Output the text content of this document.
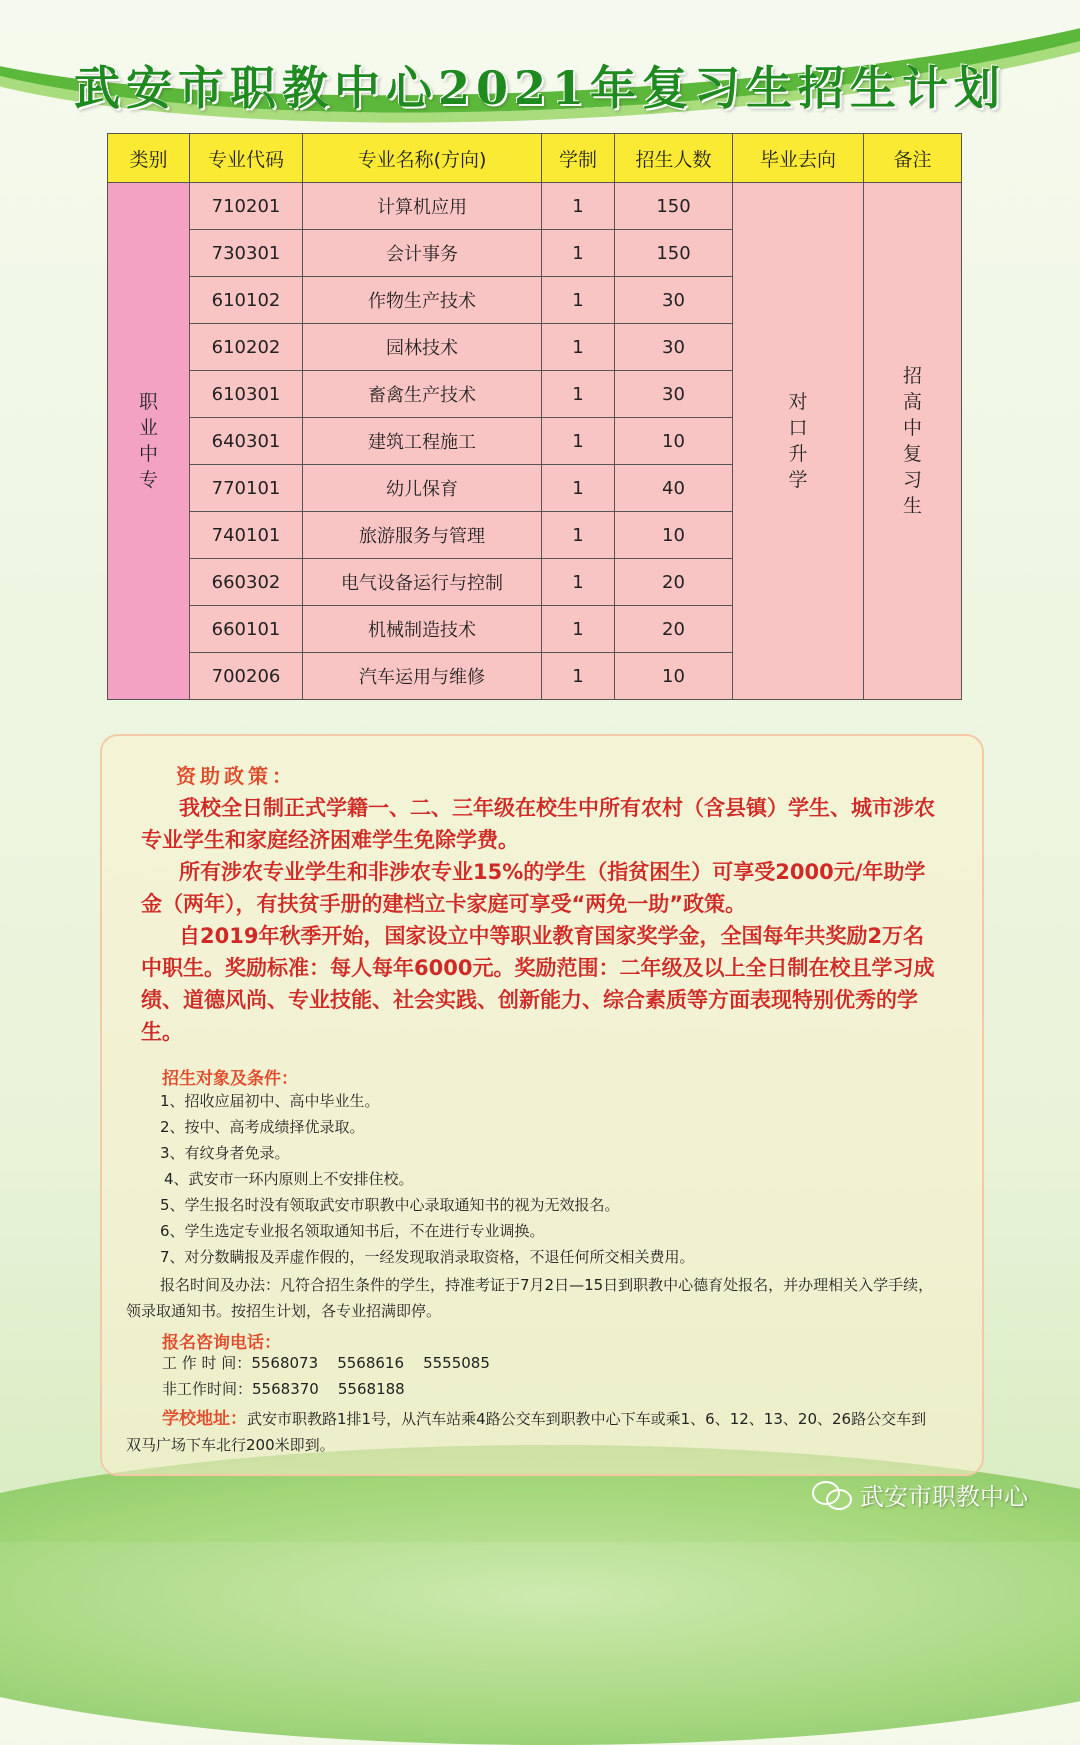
武安市职教中心2021年复习生招生计划
类别	专业代码	专业名称(方向)	学制	招生人数	毕业去向	备注

职业中专	710201	计算机应用	1	150	对口升学	招高中复习生

	730301	会计事务	1	150		
	610102	作物生产技术	1	30		
	610202	园林技术	1	30		
	610301	畜禽生产技术	1	30		
	640301	建筑工程施工	1	10		
	770101	幼儿保育	1	40		
	740101	旅游服务与管理	1	10		
	660302	电气设备运行与控制	1	20		
	660101	机械制造技术	1	20		
	700206	汽车运用与维修	1	10		
资助政策：

我校全日制正式学籍一、二、三年级在校生中所有农村（含县镇）学生、城市涉农专业学生和家庭经济困难学生免除学费。

所有涉农专业学生和非涉农专业15%的学生（指贫困生）可享受2000元/年助学金（两年），有扶贫手册的建档立卡家庭可享受“两免一助”政策。

自2019年秋季开始，国家设立中等职业教育国家奖学金，全国每年共奖励2万名中职生。奖励标准：每人每年6000元。奖励范围：二年级及以上全日制在校且学习成绩、道德风尚、专业技能、社会实践、创新能力、综合素质等方面表现特别优秀的学生。

招生对象及条件：
1、招收应届初中、高中毕业生。
2、按中、高考成绩择优录取。
3、有纹身者免录。
4、武安市一环内原则上不安排住校。
5、学生报名时没有领取武安市职教中心录取通知书的视为无效报名。
6、学生选定专业报名领取通知书后，不在进行专业调换。
7、对分数瞒报及弄虚作假的，一经发现取消录取资格，不退任何所交相关费用。
报名时间及办法：凡符合招生条件的学生，持准考证于7月2日—15日到职教中心德育处报名，并办理相关入学手续，领录取通知书。按招生计划，各专业招满即停。
报名咨询电话：
工 作 时 间：5568073    5568616    5555085
非工作时间：5568370    5568188
学校地址：武安市职教路1排1号，从汽车站乘4路公交车到职教中心下车或乘1、6、12、13、20、26路公交车到双马广场下车北行200米即到。
武安市职教中心
